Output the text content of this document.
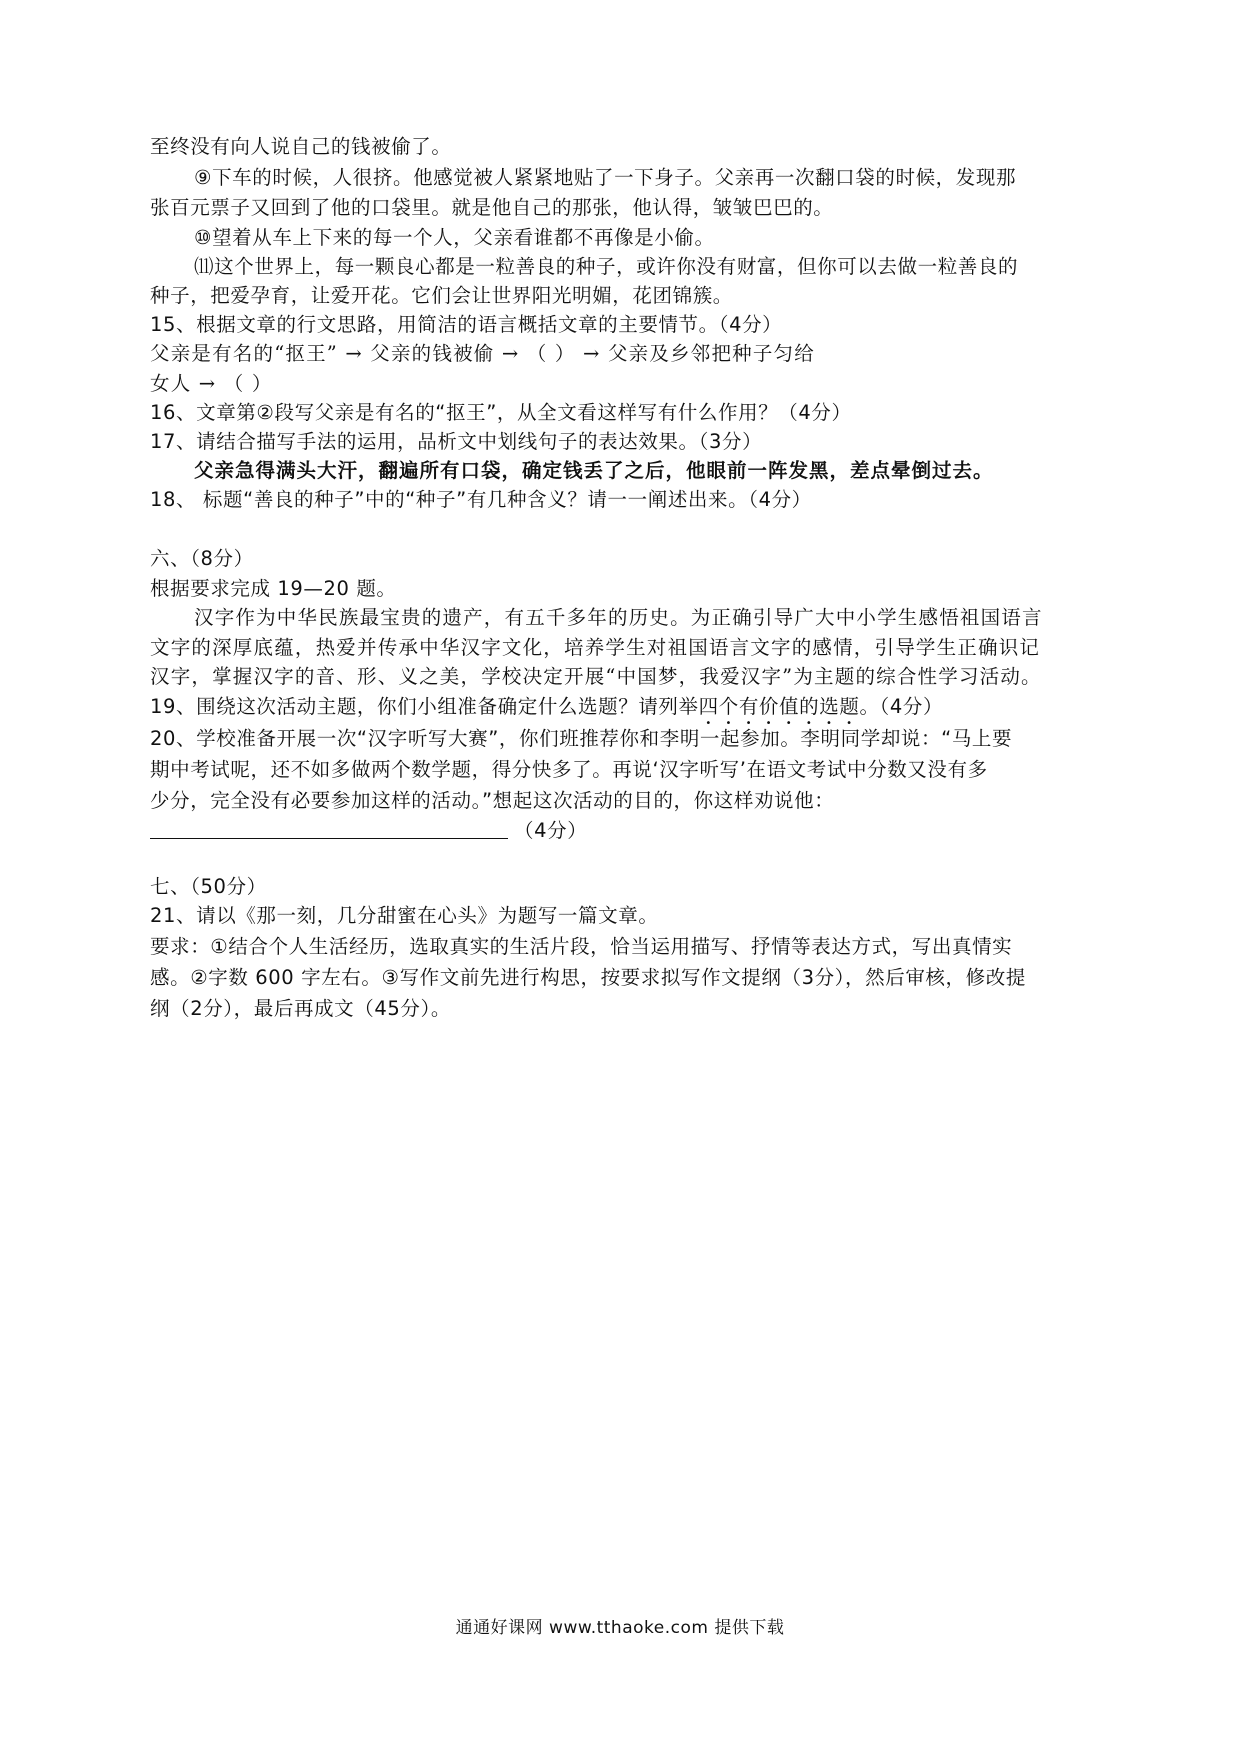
至终没有向人说自己的钱被偷了。
⑨下车的时候，人很挤。他感觉被人紧紧地贴了一下身子。父亲再一次翻口袋的时候，发现那
张百元票子又回到了他的口袋里。就是他自己的那张，他认得，皱皱巴巴的。
⑩望着从车上下来的每一个人，父亲看谁都不再像是小偷。
⑾这个世界上，每一颗良心都是一粒善良的种子，或许你没有财富，但你可以去做一粒善良的
种子，把爱孕育，让爱开花。它们会让世界阳光明媚，花团锦簇。
15、根据文章的行文思路，用简洁的语言概括文章的主要情节。（4分）
父亲是有名的“抠王” → 父亲的钱被偷 → （ ） → 父亲及乡邻把种子匀给
女人 → （ ）
16、文章第②段写父亲是有名的“抠王”，从全文看这样写有什么作用？（4分）
17、请结合描写手法的运用，品析文中划线句子的表达效果。（3分）
父亲急得满头大汗，翻遍所有口袋，确定钱丢了之后，他眼前一阵发黑，差点晕倒过去。
18、 标题“善良的种子”中的“种子”有几种含义？请一一阐述出来。（4分）
六、（8分）
根据要求完成 19—20 题。
汉字作为中华民族最宝贵的遗产，有五千多年的历史。为正确引导广大中小学生感悟祖国语言
文字的深厚底蕴，热爱并传承中华汉字文化，培养学生对祖国语言文字的感情，引导学生正确识记
汉字，掌握汉字的音、形、义之美，学校决定开展“中国梦，我爱汉字”为主题的综合性学习活动。
19、围绕这次活动主题，你们小组准备确定什么选题？请列举四个有价值的选题。（4分）
20、学校准备开展一次“汉字听写大赛”，你们班推荐你和李明一起参加。李明同学却说：“马上要
期中考试呢，还不如多做两个数学题，得分快多了。再说‘汉字听写’在语文考试中分数又没有多
少分，完全没有必要参加这样的活动。”想起这次活动的目的，你这样劝说他：
（4分）
七、（50分）
21、请以《那一刻，几分甜蜜在心头》为题写一篇文章。
要求：①结合个人生活经历，选取真实的生活片段，恰当运用描写、抒情等表达方式，写出真情实
感。②字数 600 字左右。③写作文前先进行构思，按要求拟写作文提纲（3分），然后审核，修改提
纲（2分），最后再成文（45分）。
通通好课网 www.tthaoke.com 提供下载
